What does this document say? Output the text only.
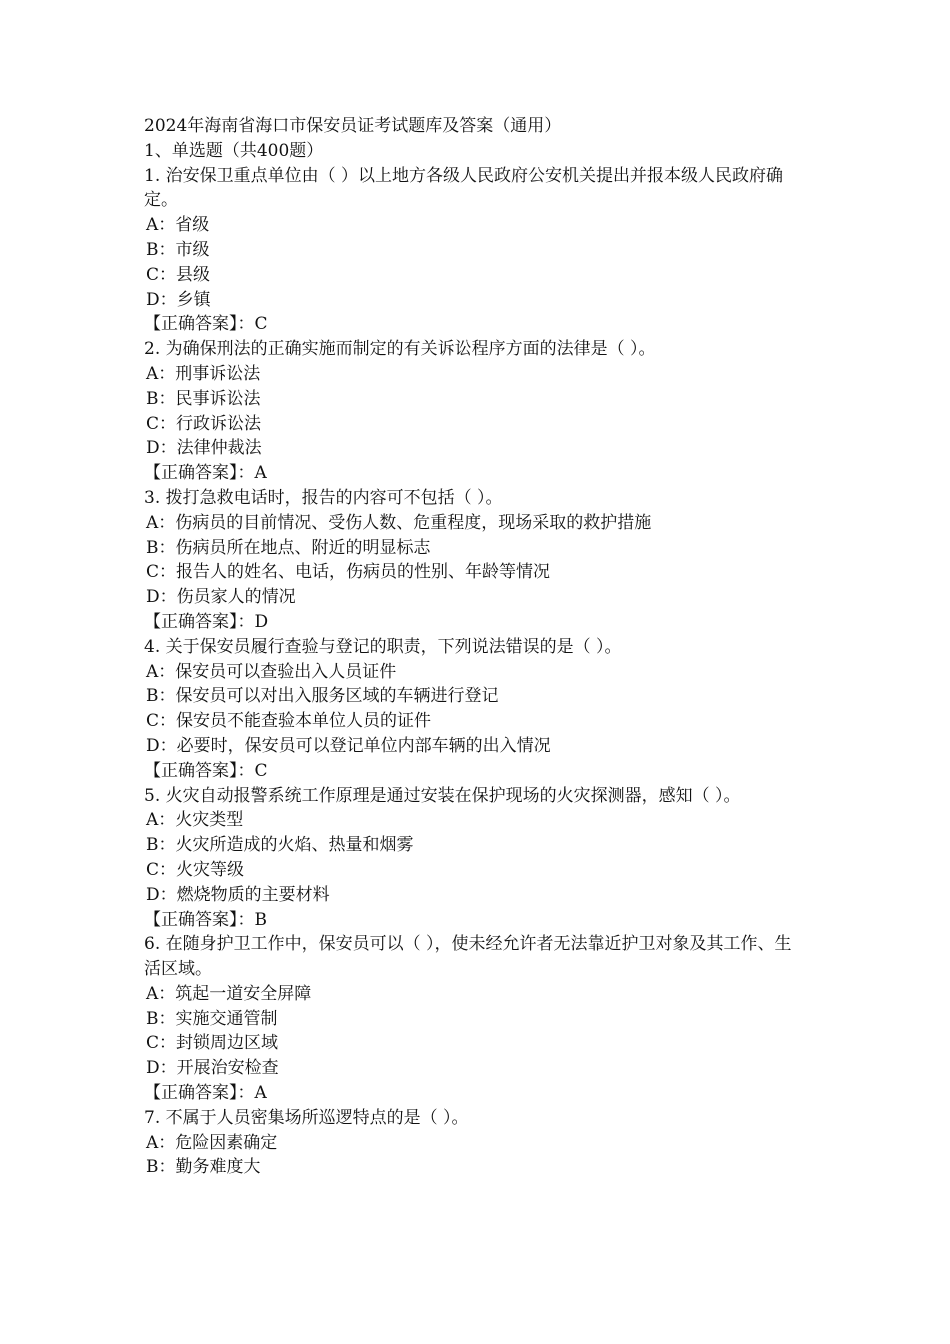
2024年海南省海口市保安员证考试题库及答案（通用）
1、单选题（共400题）
1. 治安保卫重点单位由（ ）以上地方各级人民政府公安机关提出并报本级人民政府确定。
A：省级
B：市级
C：县级
D：乡镇
【正确答案】：C
2. 为确保刑法的正确实施而制定的有关诉讼程序方面的法律是（ ）。
A：刑事诉讼法
B：民事诉讼法
C：行政诉讼法
D：法律仲裁法
【正确答案】：A
3. 拨打急救电话时，报告的内容可不包括（ ）。
A：伤病员的目前情况、受伤人数、危重程度，现场采取的救护措施
B：伤病员所在地点、附近的明显标志
C：报告人的姓名、电话，伤病员的性别、年龄等情况
D：伤员家人的情况
【正确答案】：D
4. 关于保安员履行查验与登记的职责，下列说法错误的是（ ）。
A：保安员可以查验出入人员证件
B：保安员可以对出入服务区域的车辆进行登记
C：保安员不能查验本单位人员的证件
D：必要时，保安员可以登记单位内部车辆的出入情况
【正确答案】：C
5. 火灾自动报警系统工作原理是通过安装在保护现场的火灾探测器，感知（ ）。
A：火灾类型
B：火灾所造成的火焰、热量和烟雾
C：火灾等级
D：燃烧物质的主要材料
【正确答案】：B
6. 在随身护卫工作中，保安员可以（ ），使未经允许者无法靠近护卫对象及其工作、生活区域。
A：筑起一道安全屏障
B：实施交通管制
C：封锁周边区域
D：开展治安检查
【正确答案】：A
7. 不属于人员密集场所巡逻特点的是（ ）。
A：危险因素确定
B：勤务难度大
